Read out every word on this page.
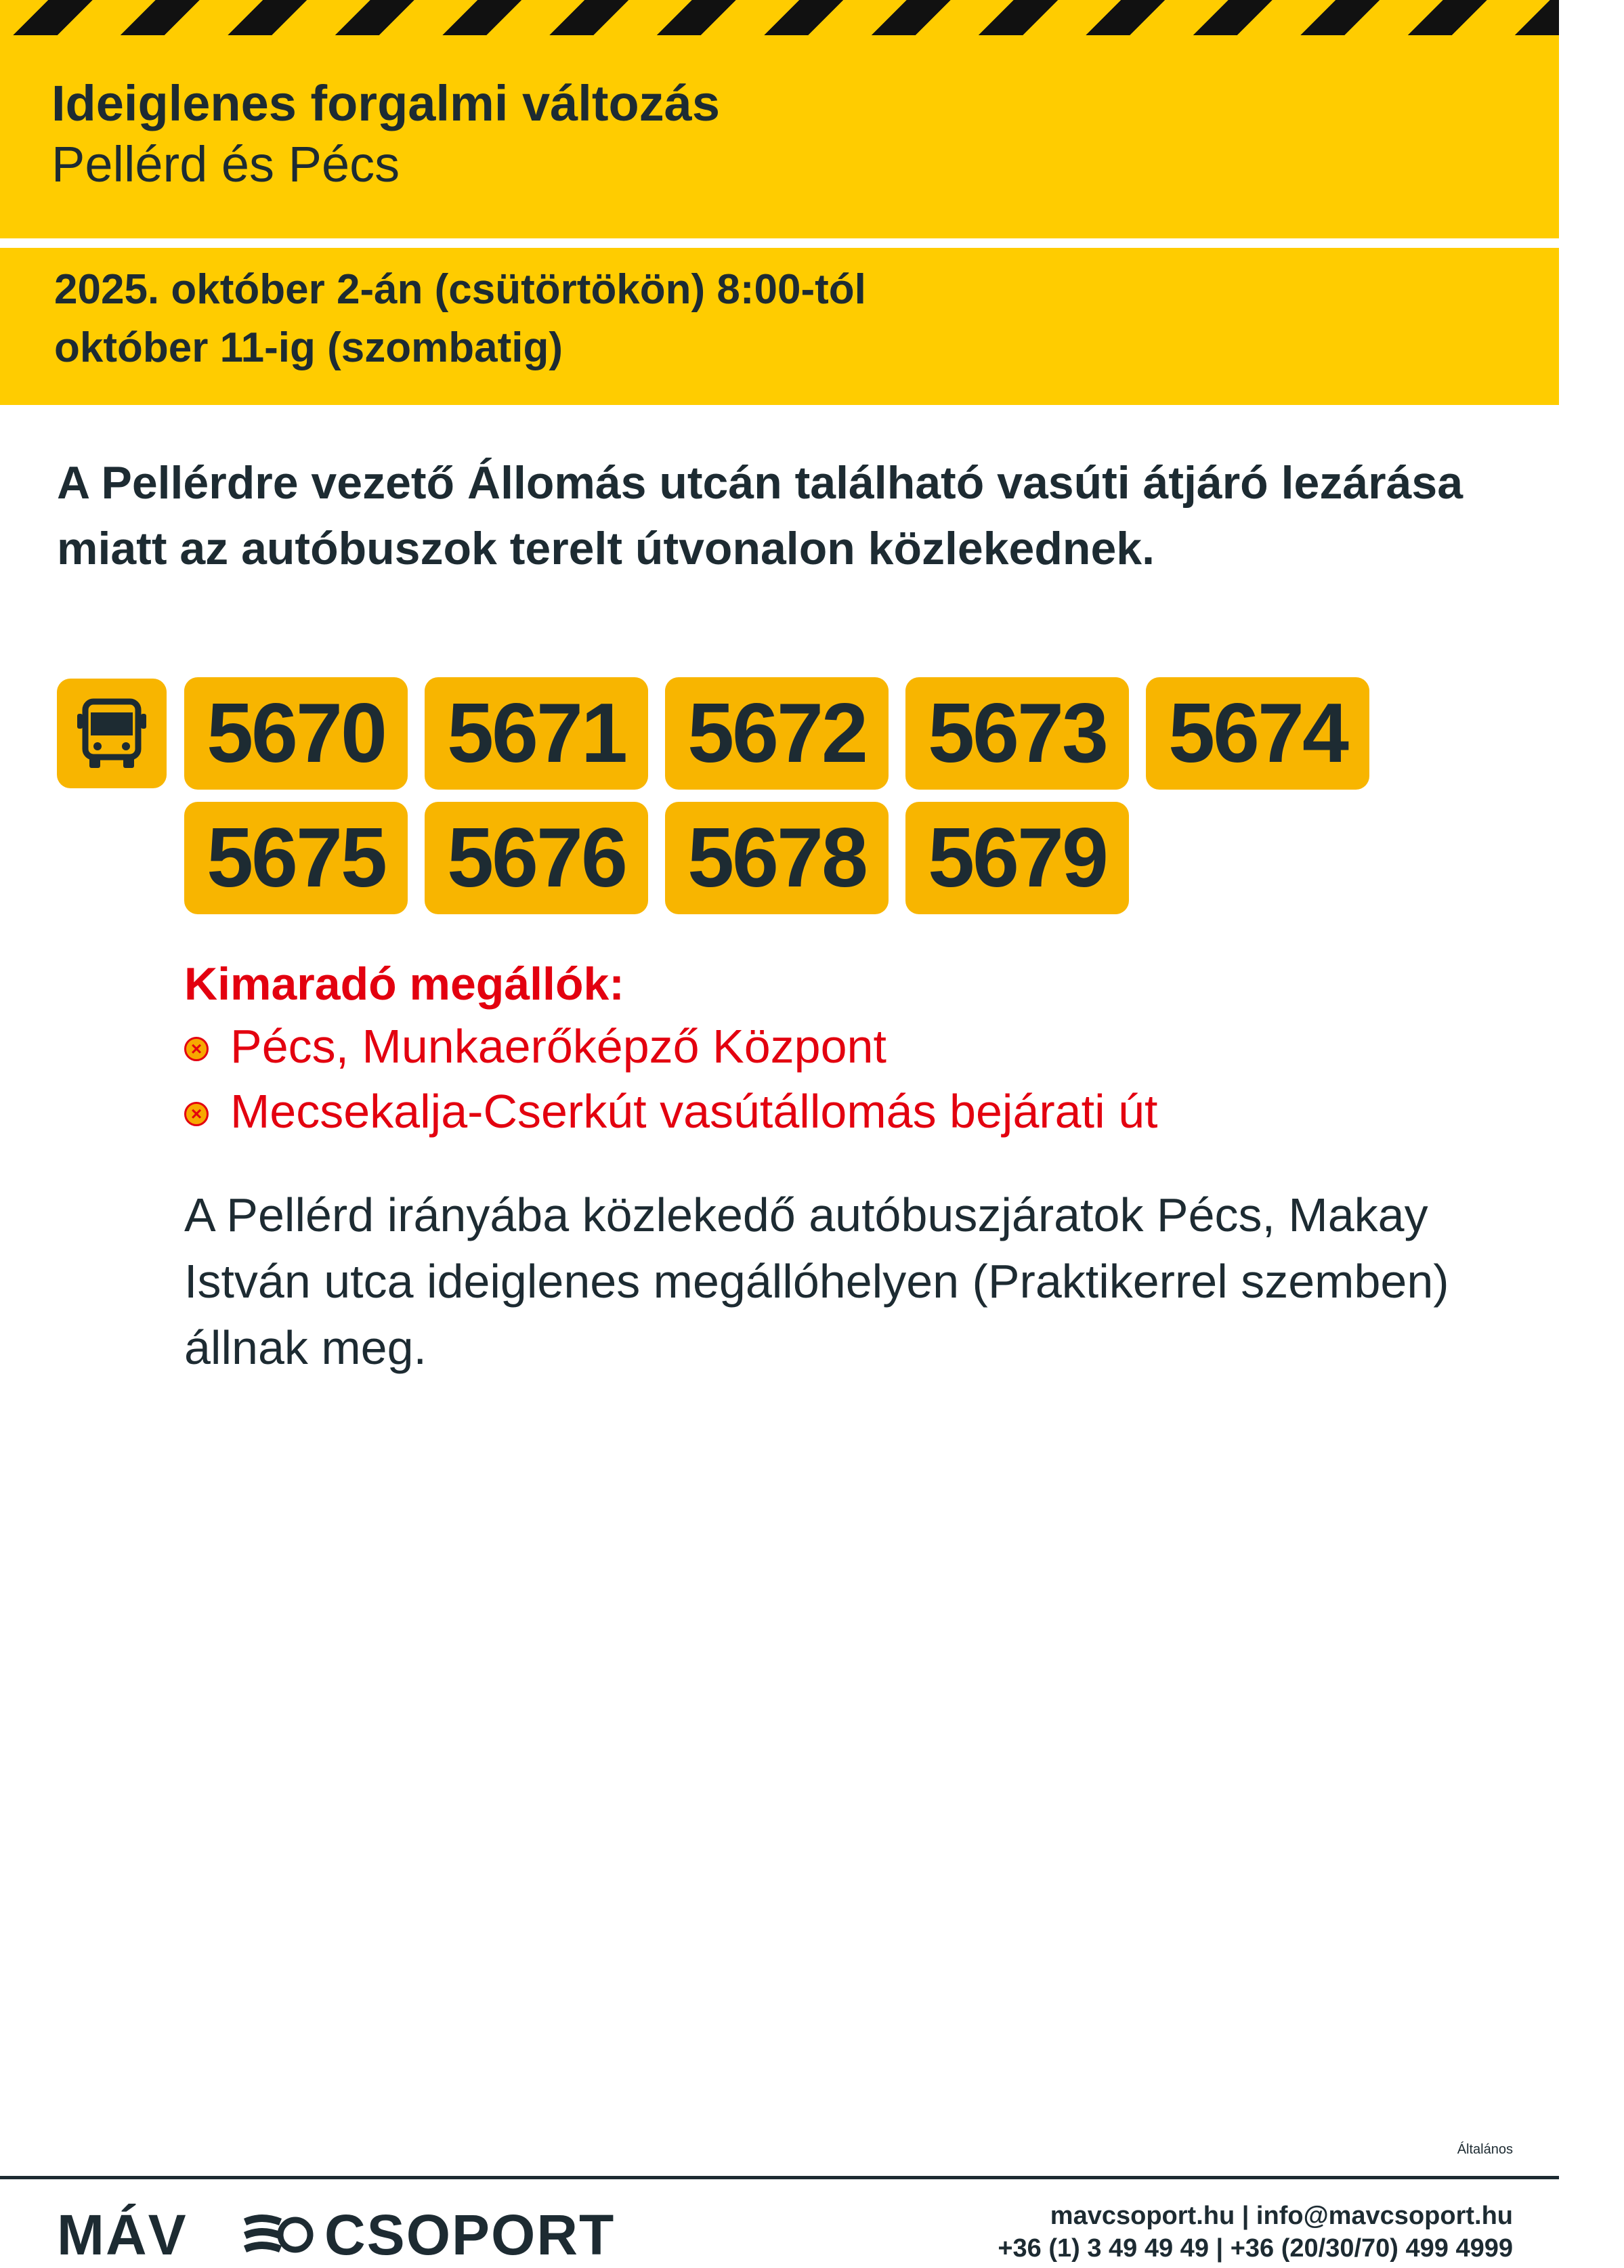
Ideiglenes forgalmi változás
Pellérd és Pécs
2025. október 2-án (csütörtökön) 8:00-tól
október 11-ig (szombatig)
A Pellérdre vezető Állomás utcán található vasúti átjáró lezárása miatt az autóbuszok terelt útvonalon közlekednek.
5670 5671 5672 5673 5674
5675 5676 5678 5679
Kimaradó megállók:
× Pécs, Munkaerőképző Központ
× Mecsekalja-Cserkút vasútállomás bejárati út
A Pellérd irányába közlekedő autóbuszjáratok Pécs, Makay István utca ideiglenes megállóhelyen (Praktikerrel szemben) állnak meg.
Általános
MÁV CSOPORT	mavcsoport.hu | info@mavcsoport.hu
+36 (1) 3 49 49 49 | +36 (20/30/70) 499 4999
